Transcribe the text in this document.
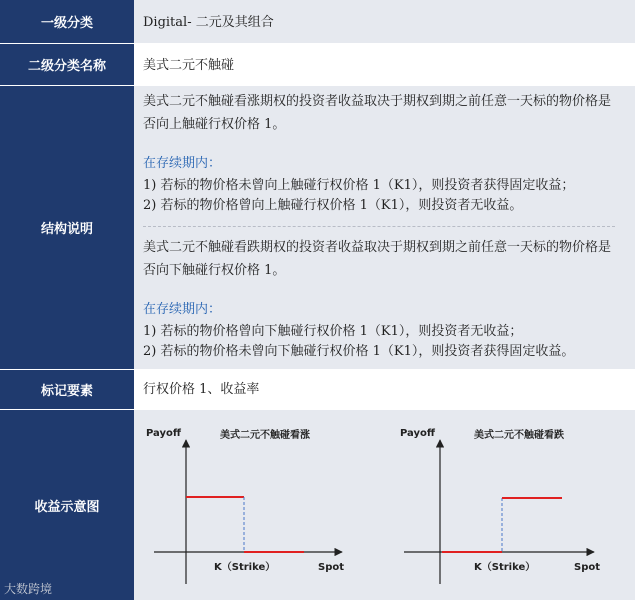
一级分类	Digital- 二元及其组合
二级分类名称	美式二元不触碰
结构说明
美式二元不触碰看涨期权的投资者收益取决于期权到期之前任意一天标的物价格是否向上触碰行权价格 1。
在存续期内：
1) 若标的物价格未曾向上触碰行权价格 1（K1），则投资者获得固定收益；
2) 若标的物价格曾向上触碰行权价格 1（K1），则投资者无收益。
美式二元不触碰看跌期权的投资者收益取决于期权到期之前任意一天标的物价格是否向下触碰行权价格 1。
在存续期内：
1) 若标的物价格曾向下触碰行权价格 1（K1），则投资者无收益；
2) 若标的物价格未曾向下触碰行权价格 1（K1），则投资者获得固定收益。
标记要素	行权价格 1、收益率
收益示意图
Payoff	美式二元不触碰看涨
K（Strike）	Spot
Payoff	美式二元不触碰看跌
K（Strike）	Spot
大数跨境
